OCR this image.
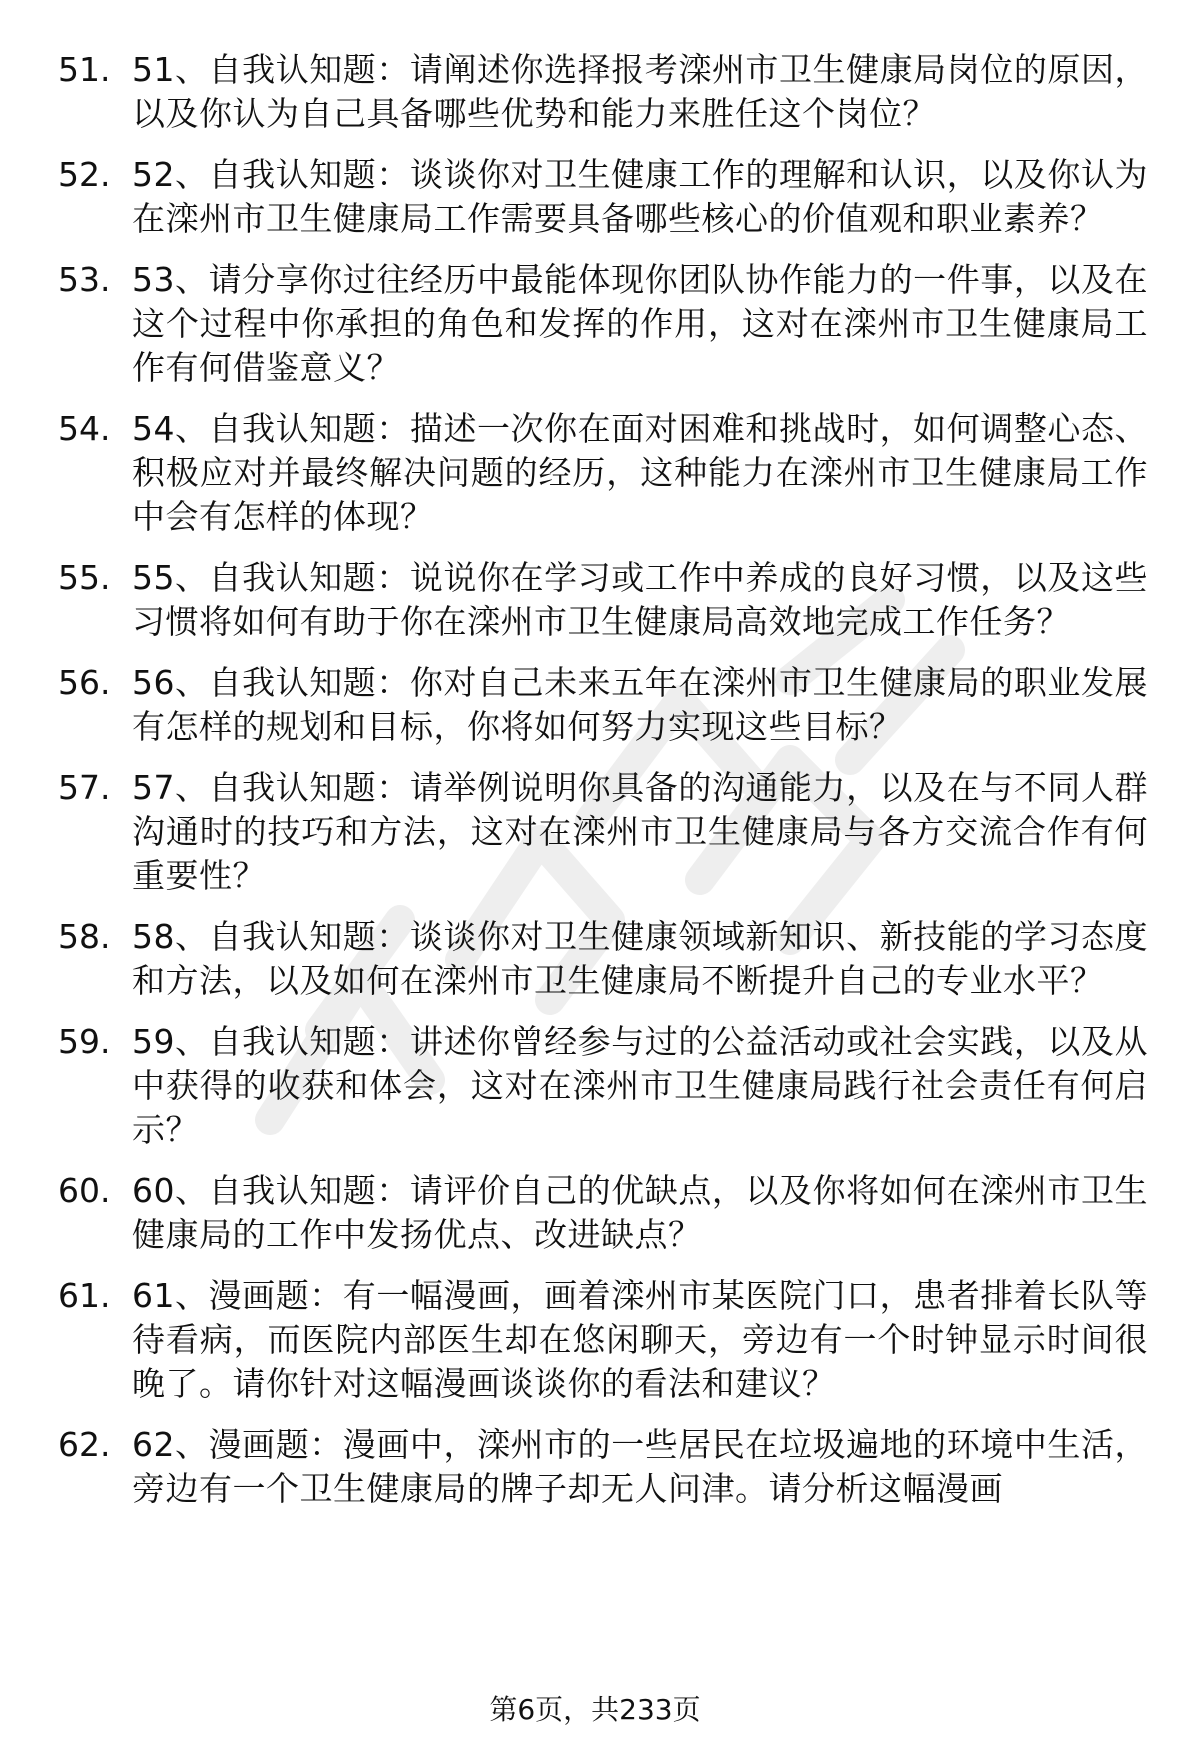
51. 51、自我认知题：请阐述你选择报考滦州市卫生健康局岗位的原因，以及你认为自己具备哪些优势和能力来胜任这个岗位？
52. 52、自我认知题：谈谈你对卫生健康工作的理解和认识，以及你认为在滦州市卫生健康局工作需要具备哪些核心的价值观和职业素养？
53. 53、请分享你过往经历中最能体现你团队协作能力的一件事，以及在这个过程中你承担的角色和发挥的作用，这对在滦州市卫生健康局工作有何借鉴意义？
54. 54、自我认知题：描述一次你在面对困难和挑战时，如何调整心态、积极应对并最终解决问题的经历，这种能力在滦州市卫生健康局工作中会有怎样的体现？
55. 55、自我认知题：说说你在学习或工作中养成的良好习惯，以及这些习惯将如何有助于你在滦州市卫生健康局高效地完成工作任务？
56. 56、自我认知题：你对自己未来五年在滦州市卫生健康局的职业发展有怎样的规划和目标，你将如何努力实现这些目标？
57. 57、自我认知题：请举例说明你具备的沟通能力，以及在与不同人群沟通时的技巧和方法，这对在滦州市卫生健康局与各方交流合作有何重要性？
58. 58、自我认知题：谈谈你对卫生健康领域新知识、新技能的学习态度和方法，以及如何在滦州市卫生健康局不断提升自己的专业水平？
59. 59、自我认知题：讲述你曾经参与过的公益活动或社会实践，以及从中获得的收获和体会，这对在滦州市卫生健康局践行社会责任有何启示？
60. 60、自我认知题：请评价自己的优缺点，以及你将如何在滦州市卫生健康局的工作中发扬优点、改进缺点？
61. 61、漫画题：有一幅漫画，画着滦州市某医院门口，患者排着长队等待看病，而医院内部医生却在悠闲聊天，旁边有一个时钟显示时间很晚了。请你针对这幅漫画谈谈你的看法和建议？
62. 62、漫画题：漫画中，滦州市的一些居民在垃圾遍地的环境中生活，旁边有一个卫生健康局的牌子却无人问津。请分析这幅漫画
第6页，共233页
